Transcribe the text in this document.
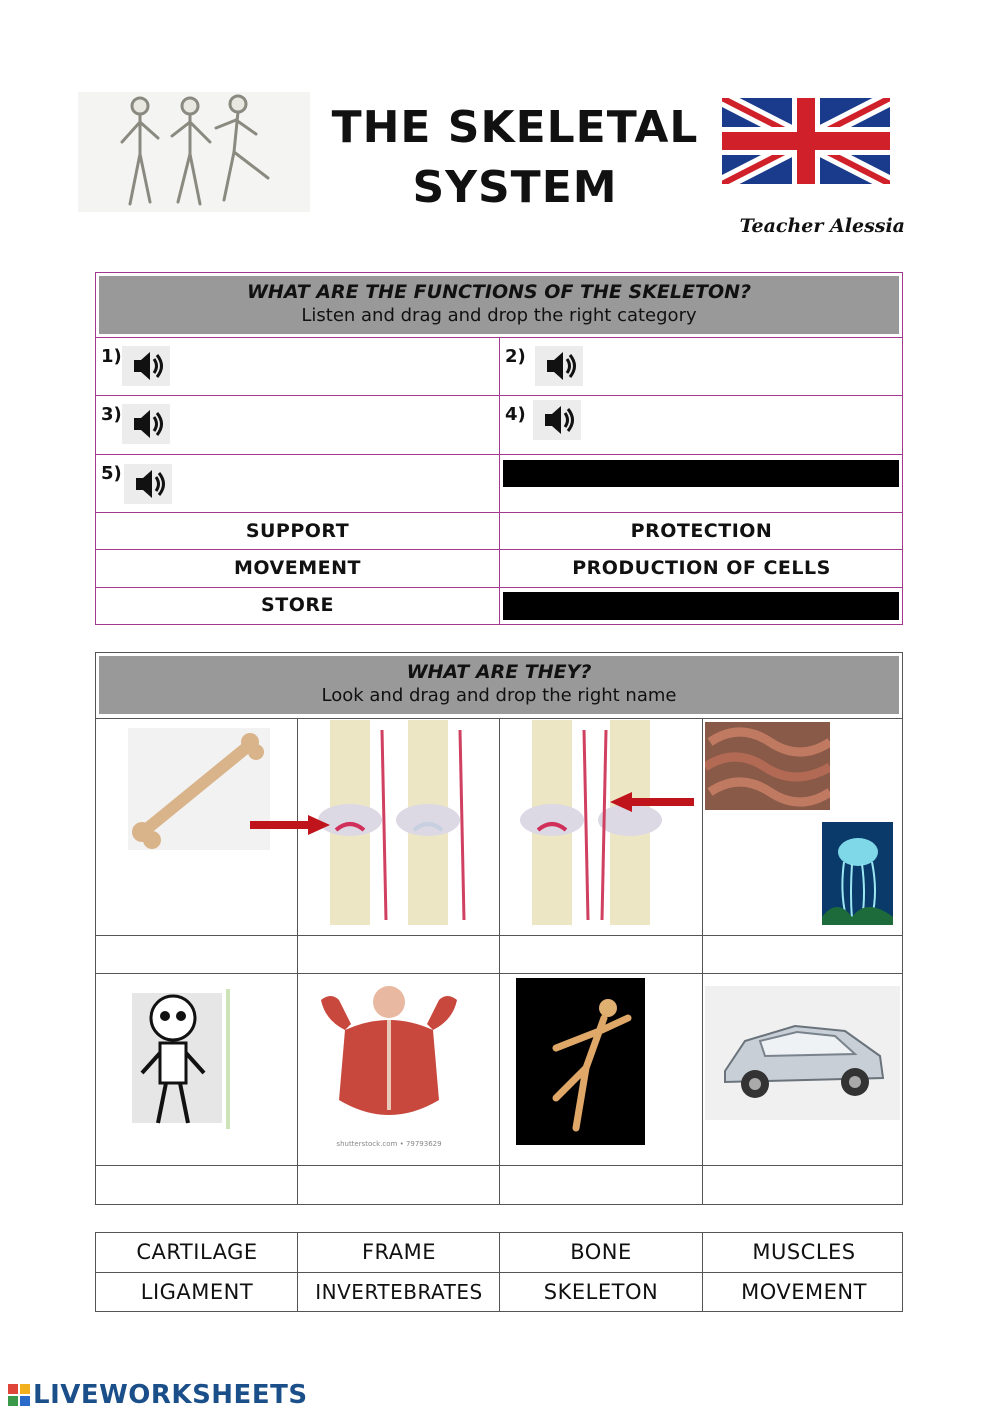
THE SKELETAL
SYSTEM
Teacher Alessia
WHAT ARE THE FUNCTIONS OF THE SKELETON?
Listen and drag and drop the right category
1)	2)
3)	4)
5)
SUPPORT	PROTECTION
MOVEMENT	PRODUCTION OF CELLS
STORE
WHAT ARE THEY?
Look and drag and drop the right name
shutterstock.com • 79793629
CARTILAGE	FRAME	BONE	MUSCLES
LIGAMENT	INVERTEBRATES	SKELETON	MOVEMENT
LIVEWORKSHEETS
